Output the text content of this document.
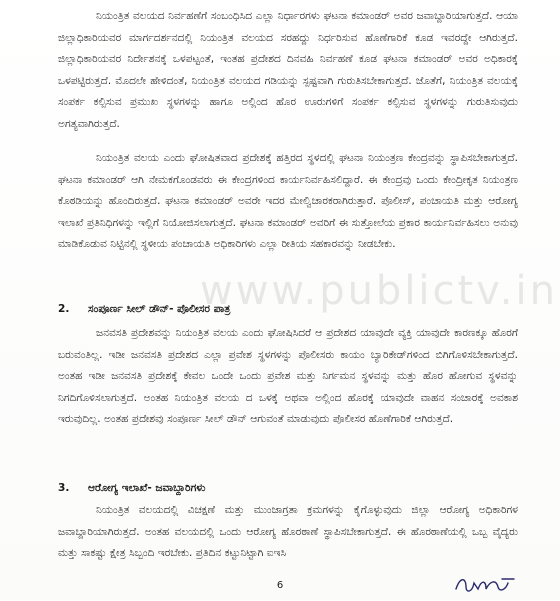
www.publictv.in

ನಿಯಂತ್ರಿತ ವಲಯದ ನಿರ್ವಹಣೆಗೆ ಸಂಬಂಧಿಸಿದ ಎಲ್ಲಾ ನಿರ್ಧಾರಗಳು ಘಟನಾ ಕಮಾಂಡರ್ ಅವರ ಜವಾಬ್ದಾರಿಯಾಗುತ್ತದೆ. ಆಯಾ ಜಿಲ್ಲಾಧಿಕಾರಿಯವರ ಮಾರ್ಗದರ್ಶನದಲ್ಲಿ ನಿಯಂತ್ರಿತ ವಲಯದ ಸರಹದ್ದು ನಿರ್ಧರಿಸುವ ಹೊಣೆಗಾರಿಕೆ ಕೂಡ ಇವರದ್ದೇ ಆಗಿರುತ್ತದೆ. ಜಿಲ್ಲಾಧಿಕಾರಿಯವರ ನಿರ್ದೇಶನಕ್ಕೆ ಒಳಪಟ್ಟಂತೆ, ಇಂತಹ ಪ್ರದೇಶದ ದಿನವಹಿ ನಿರ್ವಹಣೆ ಕೂಡ ಘಟನಾ ಕಮಾಂಡರ್ ಅವರ ಅಧಿಕಾರಕ್ಕೆ ಒಳಪಟ್ಟಿರುತ್ತದೆ. ಮೊದಲೇ ಹೇಳಿದಂತೆ, ನಿಯಂತ್ರಿತ ವಲಯದ ಗಡಿಯನ್ನು ಸ್ಪಷ್ಟವಾಗಿ ಗುರುತಿಸಬೇಕಾಗುತ್ತದೆ. ಜೊತೆಗೆ, ನಿಯಂತ್ರಿತ ವಲಯಕ್ಕೆ ಸಂಪರ್ಕ ಕಲ್ಪಿಸುವ ಪ್ರಮುಖ ಸ್ಥಳಗಳನ್ನು ಹಾಗೂ ಅಲ್ಲಿಂದ ಹೊರ ಊರುಗಳಿಗೆ ಸಂಪರ್ಕ ಕಲ್ಪಿಸುವ ಸ್ಥಳಗಳನ್ನು ಗುರುತಿಸುವುದು ಅಗತ್ಯವಾಗಿರುತ್ತದೆ.

ನಿಯಂತ್ರಿತ ವಲಯ ಎಂದು ಘೋಷಿತವಾದ ಪ್ರದೇಶಕ್ಕೆ ಹತ್ತಿರದ ಸ್ಥಳದಲ್ಲಿ ಘಟನಾ ನಿಯಂತ್ರಣ ಕೇಂದ್ರವನ್ನು ಸ್ಥಾಪಿಸಬೇಕಾಗುತ್ತದೆ. ಘಟನಾ ಕಮಾಂಡರ್ ಆಗಿ ನೇಮಕಗೊಂಡವರು ಈ ಕೇಂದ್ರಗಳಿಂದ ಕಾರ್ಯನಿರ್ವಹಿಸಲಿದ್ದಾರೆ. ಈ ಕೇಂದ್ರವು ಒಂದು ಕೇಂದ್ರೀಕೃತ ನಿಯಂತ್ರಣ ಕೊಠಡಿಯನ್ನು ಹೊಂದಿರುತ್ತದೆ. ಘಟನಾ ಕಮಾಂಡರ್ ಅವರೇ ಇದರ ಮೇಲ್ವಿಚಾರಕರಾಗಿರುತ್ತಾರೆ. ಪೊಲೀಸ್, ಪಂಚಾಯತಿ ಮತ್ತು ಆರೋಗ್ಯ ಇಲಾಖೆ ಪ್ರತಿನಿಧಿಗಳನ್ನು ಇಲ್ಲಿಗೆ ನಿಯೋಜಿಸಲಾಗುತ್ತದೆ. ಘಟನಾ ಕಮಾಂಡರ್ ಅವರಿಗೆ ಈ ಸುತ್ತೋಲೆಯ ಪ್ರಕಾರ ಕಾರ್ಯನಿರ್ವಹಿಸಲು ಅನುವು ಮಾಡಿಕೊಡುವ ನಿಟ್ಟಿನಲ್ಲಿ ಸ್ಥಳೀಯ ಪಂಚಾಯತಿ ಅಧಿಕಾರಿಗಳು ಎಲ್ಲಾ ರೀತಿಯ ಸಹಕಾರವನ್ನು ನೀಡಬೇಕು.

2. ಸಂಪೂರ್ಣ ಸೀಲ್ ಡೌನ್- ಪೊಲೀಸರ ಪಾತ್ರ

ಜನವಸತಿ ಪ್ರದೇಶವನ್ನು ನಿಯಂತ್ರಿತ ವಲಯ ಎಂದು ಘೋಷಿಸಿದರೆ ಆ ಪ್ರದೇಶದ ಯಾವುದೇ ವ್ಯಕ್ತಿ ಯಾವುದೇ ಕಾರಣಕ್ಕೂ ಹೊರಗೆ ಬರುವಂತಿಲ್ಲ. ಇಡೀ ಜನವಸತಿ ಪ್ರದೇಶದ ಎಲ್ಲಾ ಪ್ರವೇಶ ಸ್ಥಳಗಳನ್ನು ಪೊಲೀಸರು ಕಾಯಂ ಬ್ಯಾರಿಕೇಡ್‌ಗಳಿಂದ ಬಿಗಿಗೊಳಿಸಬೇಕಾಗುತ್ತದೆ. ಅಂತಹ ಇಡೀ ಜನವಸತಿ ಪ್ರದೇಶಕ್ಕೆ ಕೇವಲ ಒಂದೇ ಒಂದು ಪ್ರವೇಶ ಮತ್ತು ನಿರ್ಗಮನ ಸ್ಥಳವನ್ನು ಮತ್ತು ಹೊರ ಹೋಗುವ ಸ್ಥಳವನ್ನು ನಿಗದಿಗೊಳಿಸಲಾಗುತ್ತದೆ. ಅಂತಹ ನಿಯಂತ್ರಿತ ವಲಯ ದ ಒಳಕ್ಕೆ ಅಥವಾ ಅಲ್ಲಿಂದ ಹೊರಕ್ಕೆ ಯಾವುದೇ ವಾಹನ ಸಂಚಾರಕ್ಕೆ ಅವಕಾಶ ಇರುವುದಿಲ್ಲ. ಅಂತಹ ಪ್ರದೇಶವು ಸಂಪೂರ್ಣ ಸೀಲ್ ಡೌನ್ ಆಗುವಂತೆ ಮಾಡುವುದು ಪೊಲೀಸರ ಹೊಣೆಗಾರಿಕೆ ಆಗಿರುತ್ತದೆ.

3. ಆರೋಗ್ಯ ಇಲಾಖೆ- ಜವಾಬ್ದಾರಿಗಳು

ನಿಯಂತ್ರಿತ ವಲಯದಲ್ಲಿ ವಿಚಕ್ಷಣೆ ಮತ್ತು ಮುಂಜಾಗ್ರತಾ ಕ್ರಮಗಳನ್ನು ಕೈಗೊಳ್ಳುವುದು ಜಿಲ್ಲಾ ಆರೋಗ್ಯ ಅಧಿಕಾರಿಗಳ ಜವಾಬ್ದಾರಿಯಾಗಿರುತ್ತದೆ. ಅಂತಹ ವಲಯದಲ್ಲಿ ಒಂದು ಆರೋಗ್ಯ ಹೊರಠಾಣೆ ಸ್ಥಾಪಿಸಬೇಕಾಗುತ್ತದೆ. ಈ ಹೊರಠಾಣೆಯಲ್ಲಿ ಒಬ್ಬ ವೈದ್ಯರು ಮತ್ತು ಸಾಕಷ್ಟು ಕ್ಷೇತ್ರ ಸಿಬ್ಬಂದಿ ಇರಬೇಕು. ಪ್ರತಿದಿನ ಕಟ್ಟುನಿಟ್ಟಾಗಿ ಐಇಸಿ

6
